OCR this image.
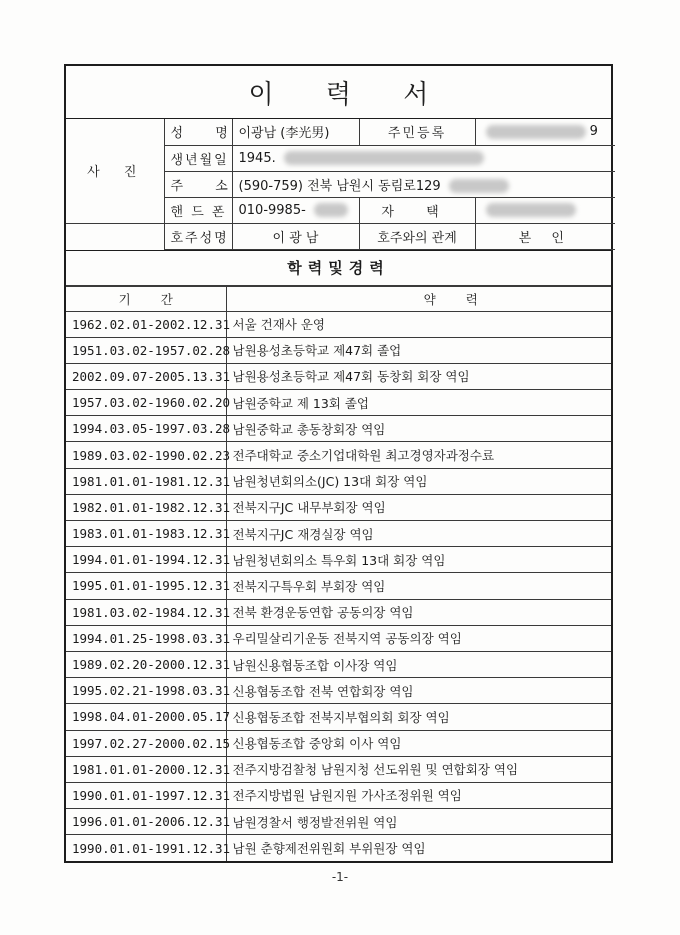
이 력 서
사 진	성 명	이광남 (李光男)	주민등록	9
	생년월일	1945.		
	주 소	(590-759) 전북 남원시 동림로129		
	핸 드 폰	010-9985-	자 택	
	호주성명	이 광 남	호주와의 관계	본 인
학력및경력
기간	약력
1962.02.01-2002.12.31	서울 건재사 운영
1951.03.02-1957.02.28	남원용성초등학교 제47회 졸업
2002.09.07-2005.13.31	남원용성초등학교 제47회 동창회 회장 역임
1957.03.02-1960.02.20	남원중학교 제 13회 졸업
1994.03.05-1997.03.28	남원중학교 총동창회장 역임
1989.03.02-1990.02.23	전주대학교 중소기업대학원 최고경영자과정수료
1981.01.01-1981.12.31	남원청년회의소(JC) 13대 회장 역임
1982.01.01-1982.12.31	전북지구JC 내무부회장 역임
1983.01.01-1983.12.31	전북지구JC 재경실장 역임
1994.01.01-1994.12.31	남원청년회의소 특우회 13대 회장 역임
1995.01.01-1995.12.31	전북지구특우회 부회장 역임
1981.03.02-1984.12.31	전북 환경운동연합 공동의장 역임
1994.01.25-1998.03.31	우리밀살리기운동 전북지역 공동의장 역임
1989.02.20-2000.12.31	남원신용협동조합 이사장 역임
1995.02.21-1998.03.31	신용협동조합 전북 연합회장 역임
1998.04.01-2000.05.17	신용협동조합 전북지부협의회 회장 역임
1997.02.27-2000.02.15	신용협동조합 중앙회 이사 역임
1981.01.01-2000.12.31	전주지방검찰청 남원지청 선도위원 및 연합회장 역임
1990.01.01-1997.12.31	전주지방법원 남원지원 가사조정위원 역임
1996.01.01-2006.12.31	남원경찰서 행정발전위원 역임
1990.01.01-1991.12.31	남원 춘향제전위원회 부위원장 역임
-1-
